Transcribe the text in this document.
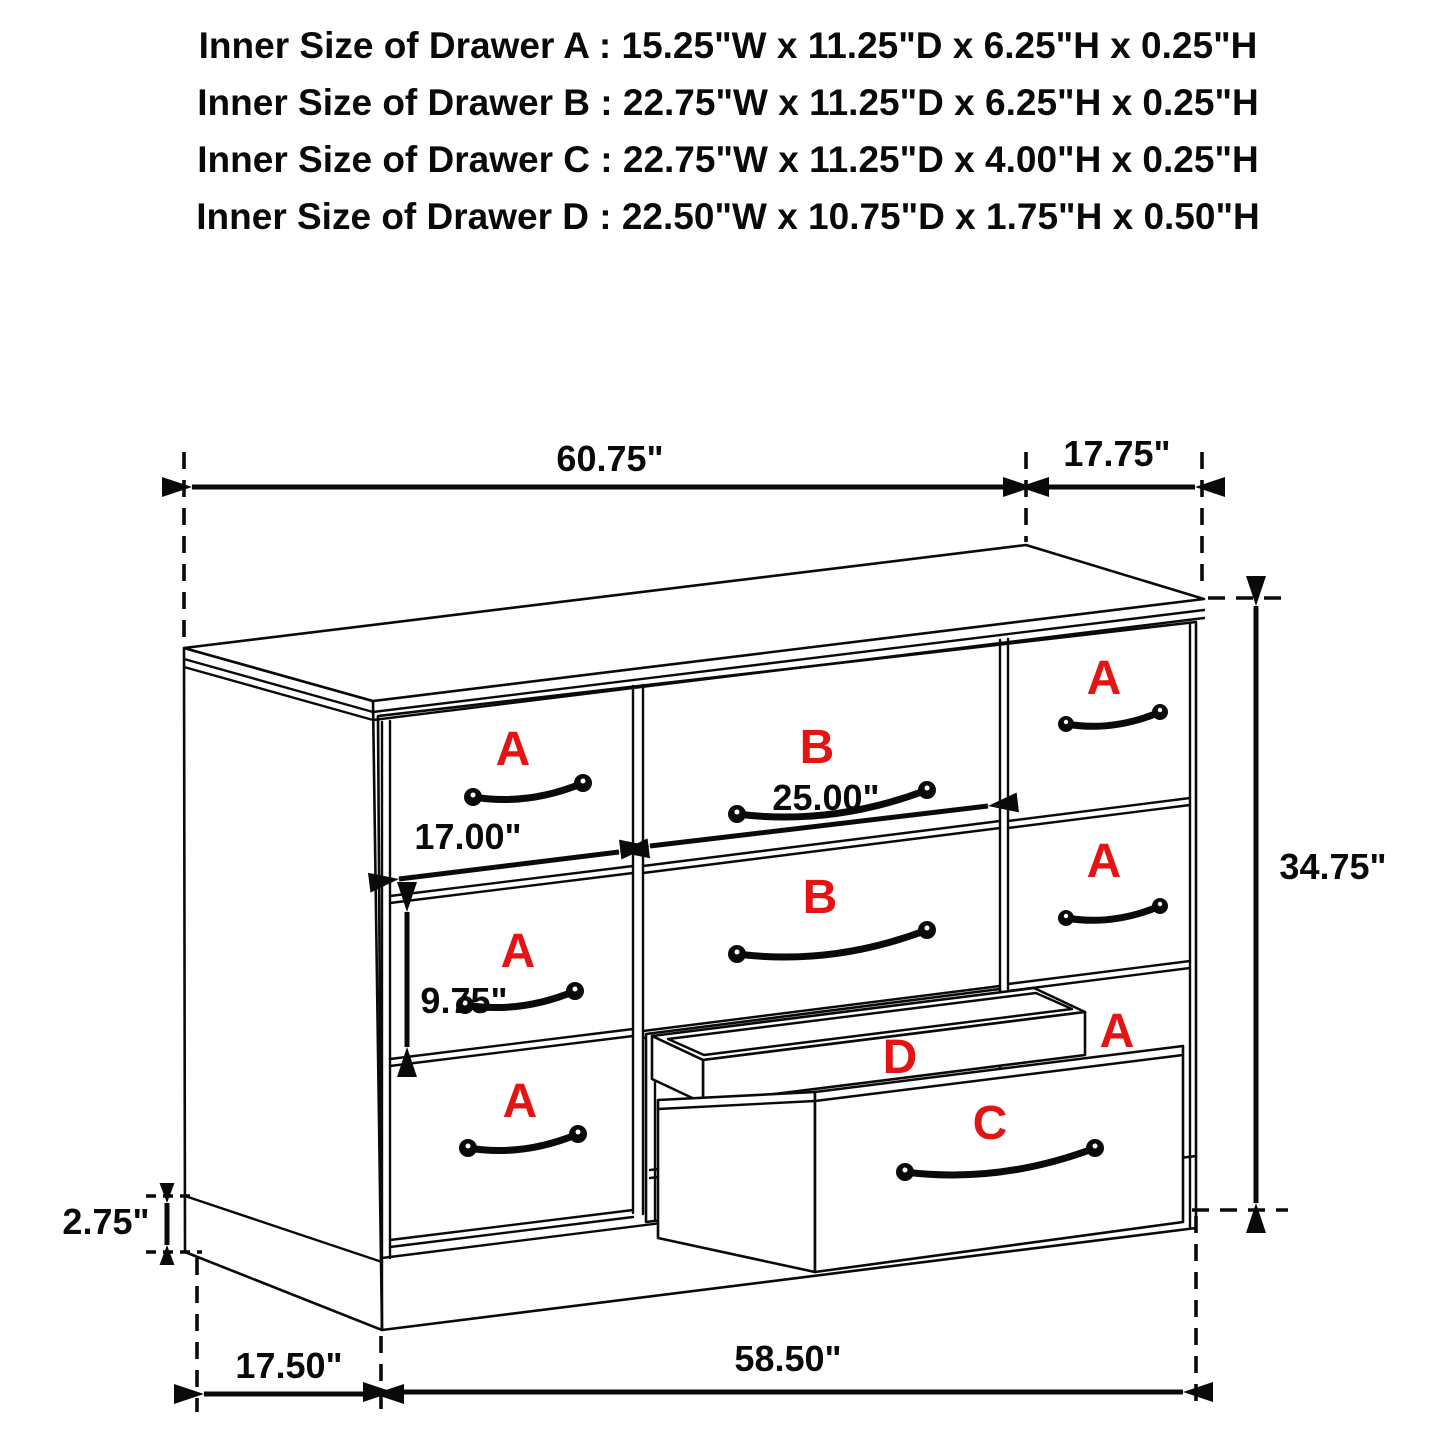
Inner Size of Drawer A : 15.25"W x 11.25"D x 6.25"H x 0.25"H
Inner Size of Drawer B : 22.75"W x 11.25"D x 6.25"H x 0.25"H
Inner Size of Drawer C : 22.75"W x 11.25"D x 4.00"H x 0.25"H
Inner Size of Drawer D : 22.50"W x 10.75"D x 1.75"H x 0.50"H
A
A
A
A
A
A
B
B
C
D
60.75"	17.75"
34.75"
25.00"
17.00"
9.75"
2.75"
17.50"	58.50"
